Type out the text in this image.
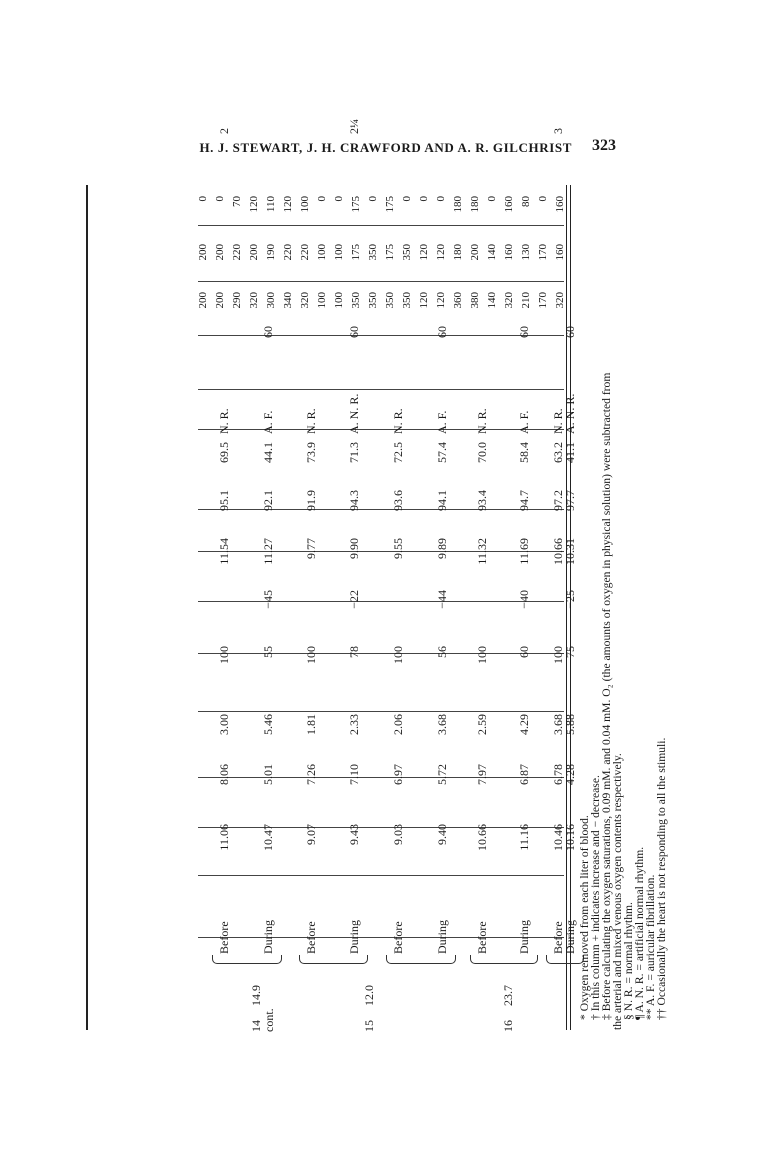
H. J. STEWART, J. H. CRAWFORD AND A. R. GILCHRIST 323
14 cont.
14.9
15
12.0
16
23.7
Before
11.06
8.06
3.00
100
11.54
95.1
69.5
N. R.
2
During
10.47
5.01
5.46
55
−45
11.27
92.1
44.1
A. F.
60
Before
9.07
7.26
1.81
100
9.77
91.9
73.9
N. R.
During
9.43
7.10
2.33
78
−22
9.90
94.3
71.3
A. N. R.
60
2¼
Before
9.03
6.97
2.06
100
9.55
93.6
72.5
N. R.
During
9.40
5.72
3.68
56
−44
9.89
94.1
57.4
A. F.
60
Before
10.66
7.97
2.59
100
11.32
93.4
70.0
N. R.
During
11.16
6.87
4.29
60
−40
11.69
94.7
58.4
A. F.
60
Before
10.46
6.78
3.68
100
10.66
97.2
63.2
N. R.
3
During
10.16
4.28
5.88
75
−25
10.31
97.7
41.1
A. N. R.
60
200 200 290 320 300 340 320 100 100 350 350 350 350 120 120 360 380 140 320 210 170 320
200 200 220 200 190 220 220 100 100 175 350 175 350 120 120 180 200 140 160 130 170 160
0 0 70 120 110 120 100 0 0 175 0 175 0 0 0 180 180 0 160 80 0 160
* Oxygen removed from each liter of blood.
† In this column + indicates increase and − decrease.
‡ Before calculating the oxygen saturations, 0.09 mM. and 0.04 mM. O₂ (the amounts of oxygen in physical solution) were subtracted from
the arterial and mixed venous oxygen contents respectively.
§ N. R. = normal rhythm.
¶ A. N. R. = artificial normal rhythm.
** A. F. = auricular fibrillation.
†† Occasionally the heart is not responding to all the stimuli.
